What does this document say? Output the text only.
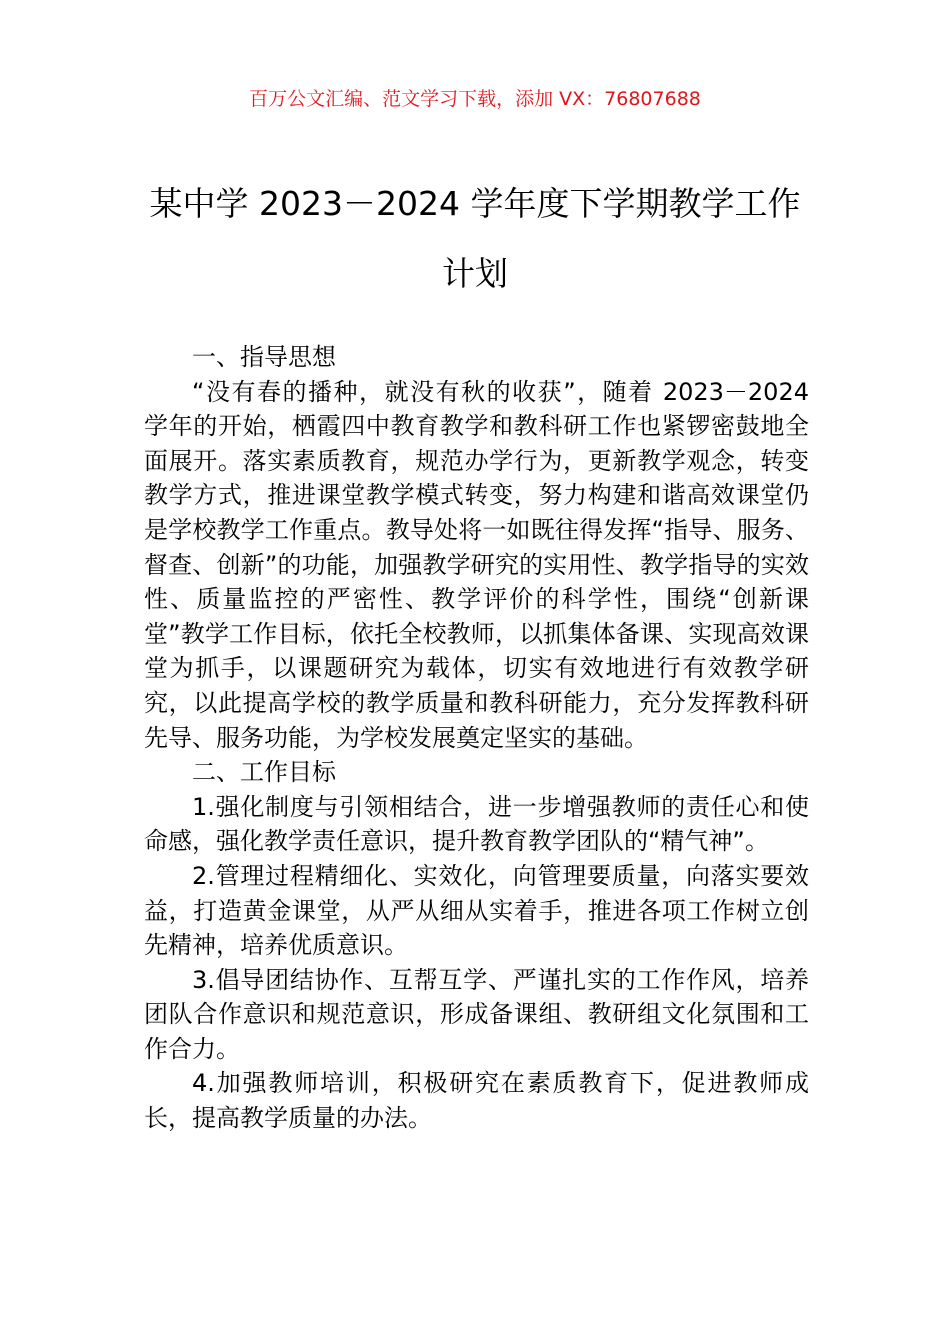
百万公文汇编、范文学习下载，添加 VX：76807688
某中学 2023－2024 学年度下学期教学工作
计划

一、指导思想

“没有春的播种，就没有秋的收获”，随着 2023－2024 学年的开始，栖霞四中教育教学和教科研工作也紧锣密鼓地全面展开。落实素质教育，规范办学行为，更新教学观念，转变教学方式，推进课堂教学模式转变，努力构建和谐高效课堂仍是学校教学工作重点。教导处将一如既往得发挥“指导、服务、督查、创新”的功能，加强教学研究的实用性、教学指导的实效性、质量监控的严密性、教学评价的科学性，围绕“创新课堂”教学工作目标，依托全校教师，以抓集体备课、实现高效课堂为抓手，以课题研究为载体，切实有效地进行有效教学研究，以此提高学校的教学质量和教科研能力，充分发挥教科研先导、服务功能，为学校发展奠定坚实的基础。

二、工作目标

1.强化制度与引领相结合，进一步增强教师的责任心和使命感，强化教学责任意识，提升教育教学团队的“精气神”。

2.管理过程精细化、实效化，向管理要质量，向落实要效益，打造黄金课堂，从严从细从实着手，推进各项工作树立创先精神，培养优质意识。

3.倡导团结协作、互帮互学、严谨扎实的工作作风，培养团队合作意识和规范意识，形成备课组、教研组文化氛围和工作合力。

4.加强教师培训，积极研究在素质教育下，促进教师成长，提高教学质量的办法。
